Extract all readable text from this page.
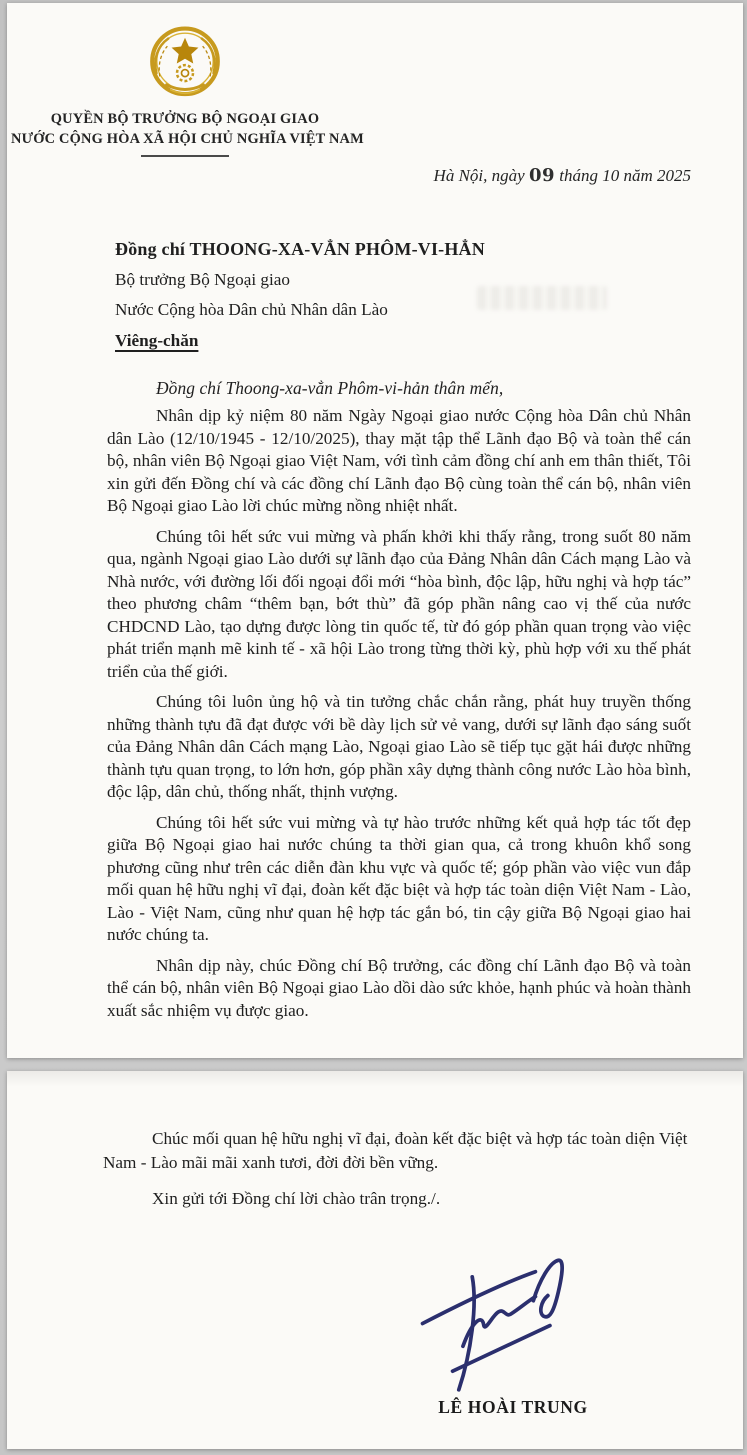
QUYỀN BỘ TRƯỞNG BỘ NGOẠI GIAO
NƯỚC CỘNG HÒA XÃ HỘI CHỦ NGHĨA VIỆT NAM
Hà Nội, ngày 09 tháng 10 năm 2025
Đồng chí THOONG-XA-VẲN PHÔM-VI-HẲN
Bộ trưởng Bộ Ngoại giao
Nước Cộng hòa Dân chủ Nhân dân Lào
Viêng-chăn
Đồng chí Thoong-xa-vẳn Phôm-vi-hản thân mến,

Nhân dịp kỷ niệm 80 năm Ngày Ngoại giao nước Cộng hòa Dân chủ Nhân dân Lào (12/10/1945 - 12/10/2025), thay mặt tập thể Lãnh đạo Bộ và toàn thể cán bộ, nhân viên Bộ Ngoại giao Việt Nam, với tình cảm đồng chí anh em thân thiết, Tôi xin gửi đến Đồng chí và các đồng chí Lãnh đạo Bộ cùng toàn thể cán bộ, nhân viên Bộ Ngoại giao Lào lời chúc mừng nồng nhiệt nhất.

Chúng tôi hết sức vui mừng và phấn khởi khi thấy rằng, trong suốt 80 năm qua, ngành Ngoại giao Lào dưới sự lãnh đạo của Đảng Nhân dân Cách mạng Lào và Nhà nước, với đường lối đối ngoại đổi mới “hòa bình, độc lập, hữu nghị và hợp tác” theo phương châm “thêm bạn, bớt thù” đã góp phần nâng cao vị thế của nước CHDCND Lào, tạo dựng được lòng tin quốc tế, từ đó góp phần quan trọng vào việc phát triển mạnh mẽ kinh tế - xã hội Lào trong từng thời kỳ, phù hợp với xu thế phát triển của thế giới.

Chúng tôi luôn ủng hộ và tin tưởng chắc chắn rằng, phát huy truyền thống những thành tựu đã đạt được với bề dày lịch sử vẻ vang, dưới sự lãnh đạo sáng suốt của Đảng Nhân dân Cách mạng Lào, Ngoại giao Lào sẽ tiếp tục gặt hái được những thành tựu quan trọng, to lớn hơn, góp phần xây dựng thành công nước Lào hòa bình, độc lập, dân chủ, thống nhất, thịnh vượng.

Chúng tôi hết sức vui mừng và tự hào trước những kết quả hợp tác tốt đẹp giữa Bộ Ngoại giao hai nước chúng ta thời gian qua, cả trong khuôn khổ song phương cũng như trên các diễn đàn khu vực và quốc tế; góp phần vào việc vun đắp mối quan hệ hữu nghị vĩ đại, đoàn kết đặc biệt và hợp tác toàn diện Việt Nam - Lào, Lào - Việt Nam, cũng như quan hệ hợp tác gắn bó, tin cậy giữa Bộ Ngoại giao hai nước chúng ta.

Nhân dịp này, chúc Đồng chí Bộ trưởng, các đồng chí Lãnh đạo Bộ và toàn thể cán bộ, nhân viên Bộ Ngoại giao Lào dồi dào sức khỏe, hạnh phúc và hoàn thành xuất sắc nhiệm vụ được giao.

Chúc mối quan hệ hữu nghị vĩ đại, đoàn kết đặc biệt và hợp tác toàn diện Việt Nam - Lào mãi mãi xanh tươi, đời đời bền vững.

Xin gửi tới Đồng chí lời chào trân trọng./.

LÊ HOÀI TRUNG
